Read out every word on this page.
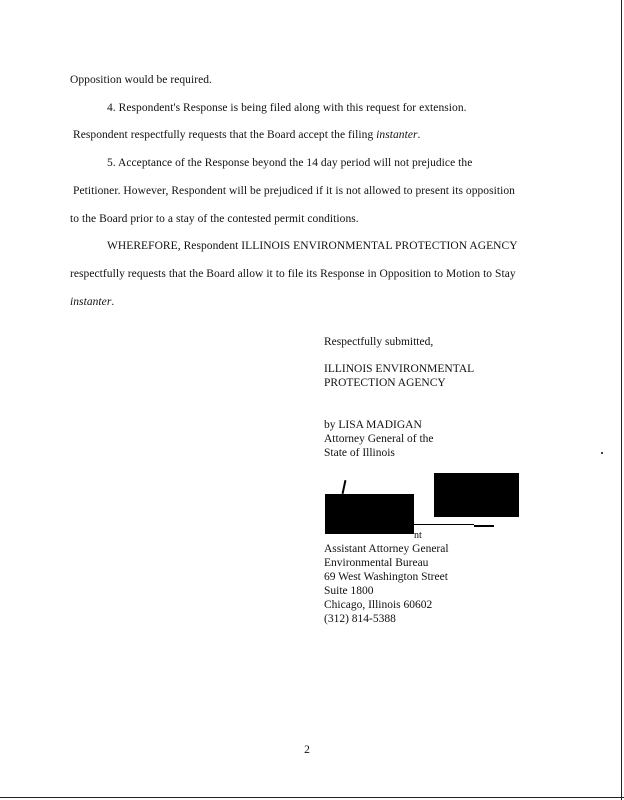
Opposition would be required.
4. Respondent's Response is being filed along with this request for extension.
Respondent respectfully requests that the Board accept the filing instanter.
5. Acceptance of the Response beyond the 14 day period will not prejudice the
Petitioner. However, Respondent will be prejudiced if it is not allowed to present its opposition
to the Board prior to a stay of the contested permit conditions.
WHEREFORE, Respondent ILLINOIS ENVIRONMENTAL PROTECTION AGENCY
respectfully requests that the Board allow it to file its Response in Opposition to Motion to Stay
instanter.
Respectfully submitted,
ILLINOIS ENVIRONMENTAL
PROTECTION AGENCY
by LISA MADIGAN
Attorney General of the
State of Illinois
nt
Assistant Attorney General
Environmental Bureau
69 West Washington Street
Suite 1800
Chicago, Illinois 60602
(312) 814-5388
2
